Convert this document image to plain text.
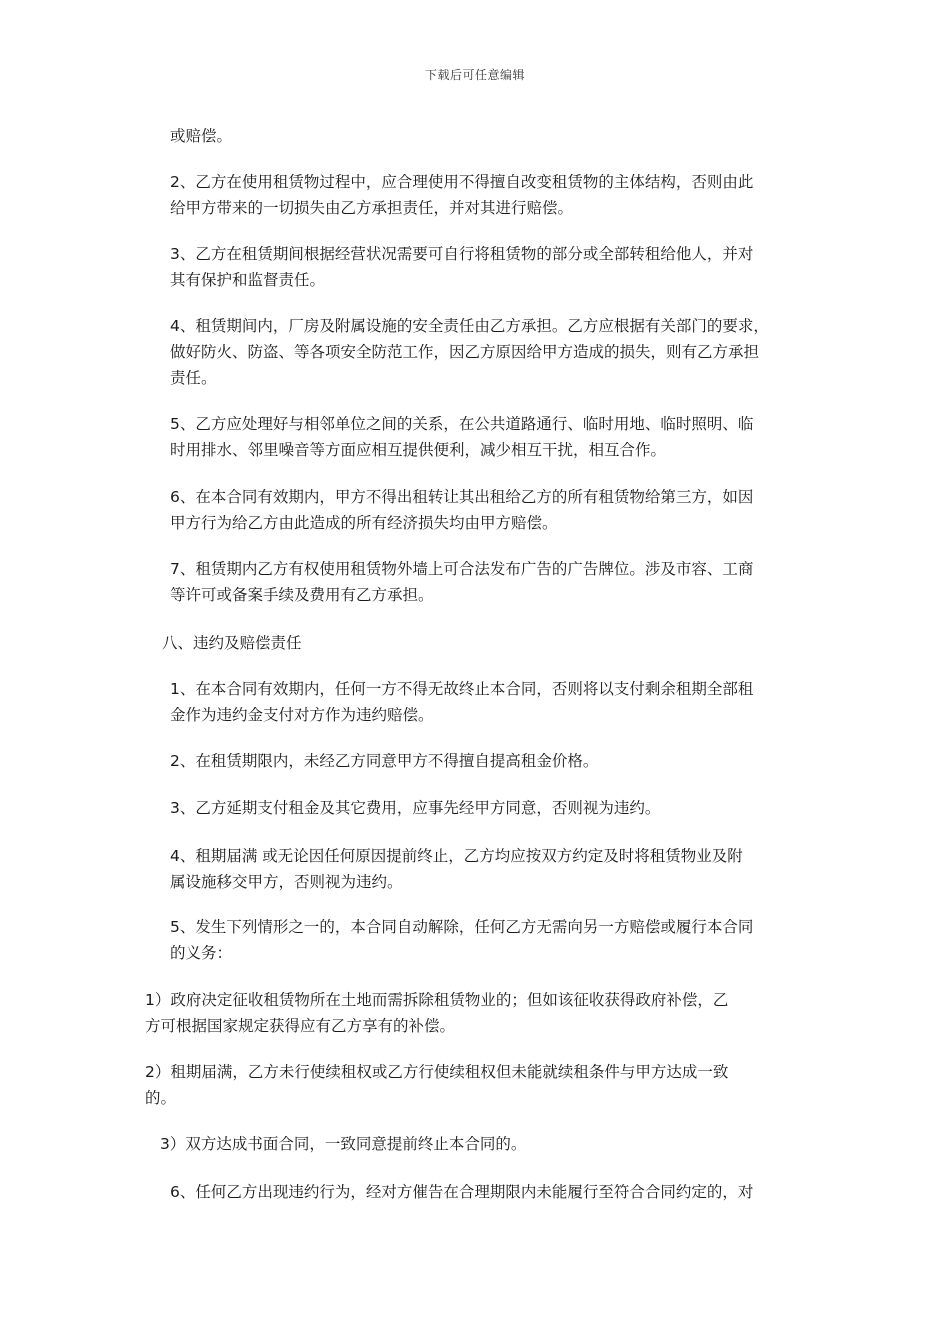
下载后可任意编辑

或赔偿。

2、乙方在使用租赁物过程中，应合理使用不得擅自改变租赁物的主体结构，否则由此
给甲方带来的一切损失由乙方承担责任，并对其进行赔偿。

3、乙方在租赁期间根据经营状况需要可自行将租赁物的部分或全部转租给他人，并对
其有保护和监督责任。

4、租赁期间内，厂房及附属设施的安全责任由乙方承担。乙方应根据有关部门的要求，
做好防火、防盗、等各项安全防范工作，因乙方原因给甲方造成的损失，则有乙方承担
责任。

5、乙方应处理好与相邻单位之间的关系，在公共道路通行、临时用地、临时照明、临
时用排水、邻里噪音等方面应相互提供便利，减少相互干扰，相互合作。

6、在本合同有效期内，甲方不得出租转让其出租给乙方的所有租赁物给第三方，如因
甲方行为给乙方由此造成的所有经济损失均由甲方赔偿。

7、租赁期内乙方有权使用租赁物外墙上可合法发布广告的广告牌位。涉及市容、工商
等许可或备案手续及费用有乙方承担。

八、违约及赔偿责任

1、在本合同有效期内，任何一方不得无故终止本合同，否则将以支付剩余租期全部租
金作为违约金支付对方作为违约赔偿。

2、在租赁期限内，未经乙方同意甲方不得擅自提高租金价格。

3、乙方延期支付租金及其它费用，应事先经甲方同意，否则视为违约。

4、租期届满 或无论因任何原因提前终止，乙方均应按双方约定及时将租赁物业及附
属设施移交甲方，否则视为违约。

5、发生下列情形之一的，本合同自动解除，任何乙方无需向另一方赔偿或履行本合同
的义务：

1）政府决定征收租赁物所在土地而需拆除租赁物业的；但如该征收获得政府补偿，乙
方可根据国家规定获得应有乙方享有的补偿。

2）租期届满，乙方未行使续租权或乙方行使续租权但未能就续租条件与甲方达成一致
的。

3）双方达成书面合同，一致同意提前终止本合同的。

6、任何乙方出现违约行为，经对方催告在合理期限内未能履行至符合合同约定的，对
